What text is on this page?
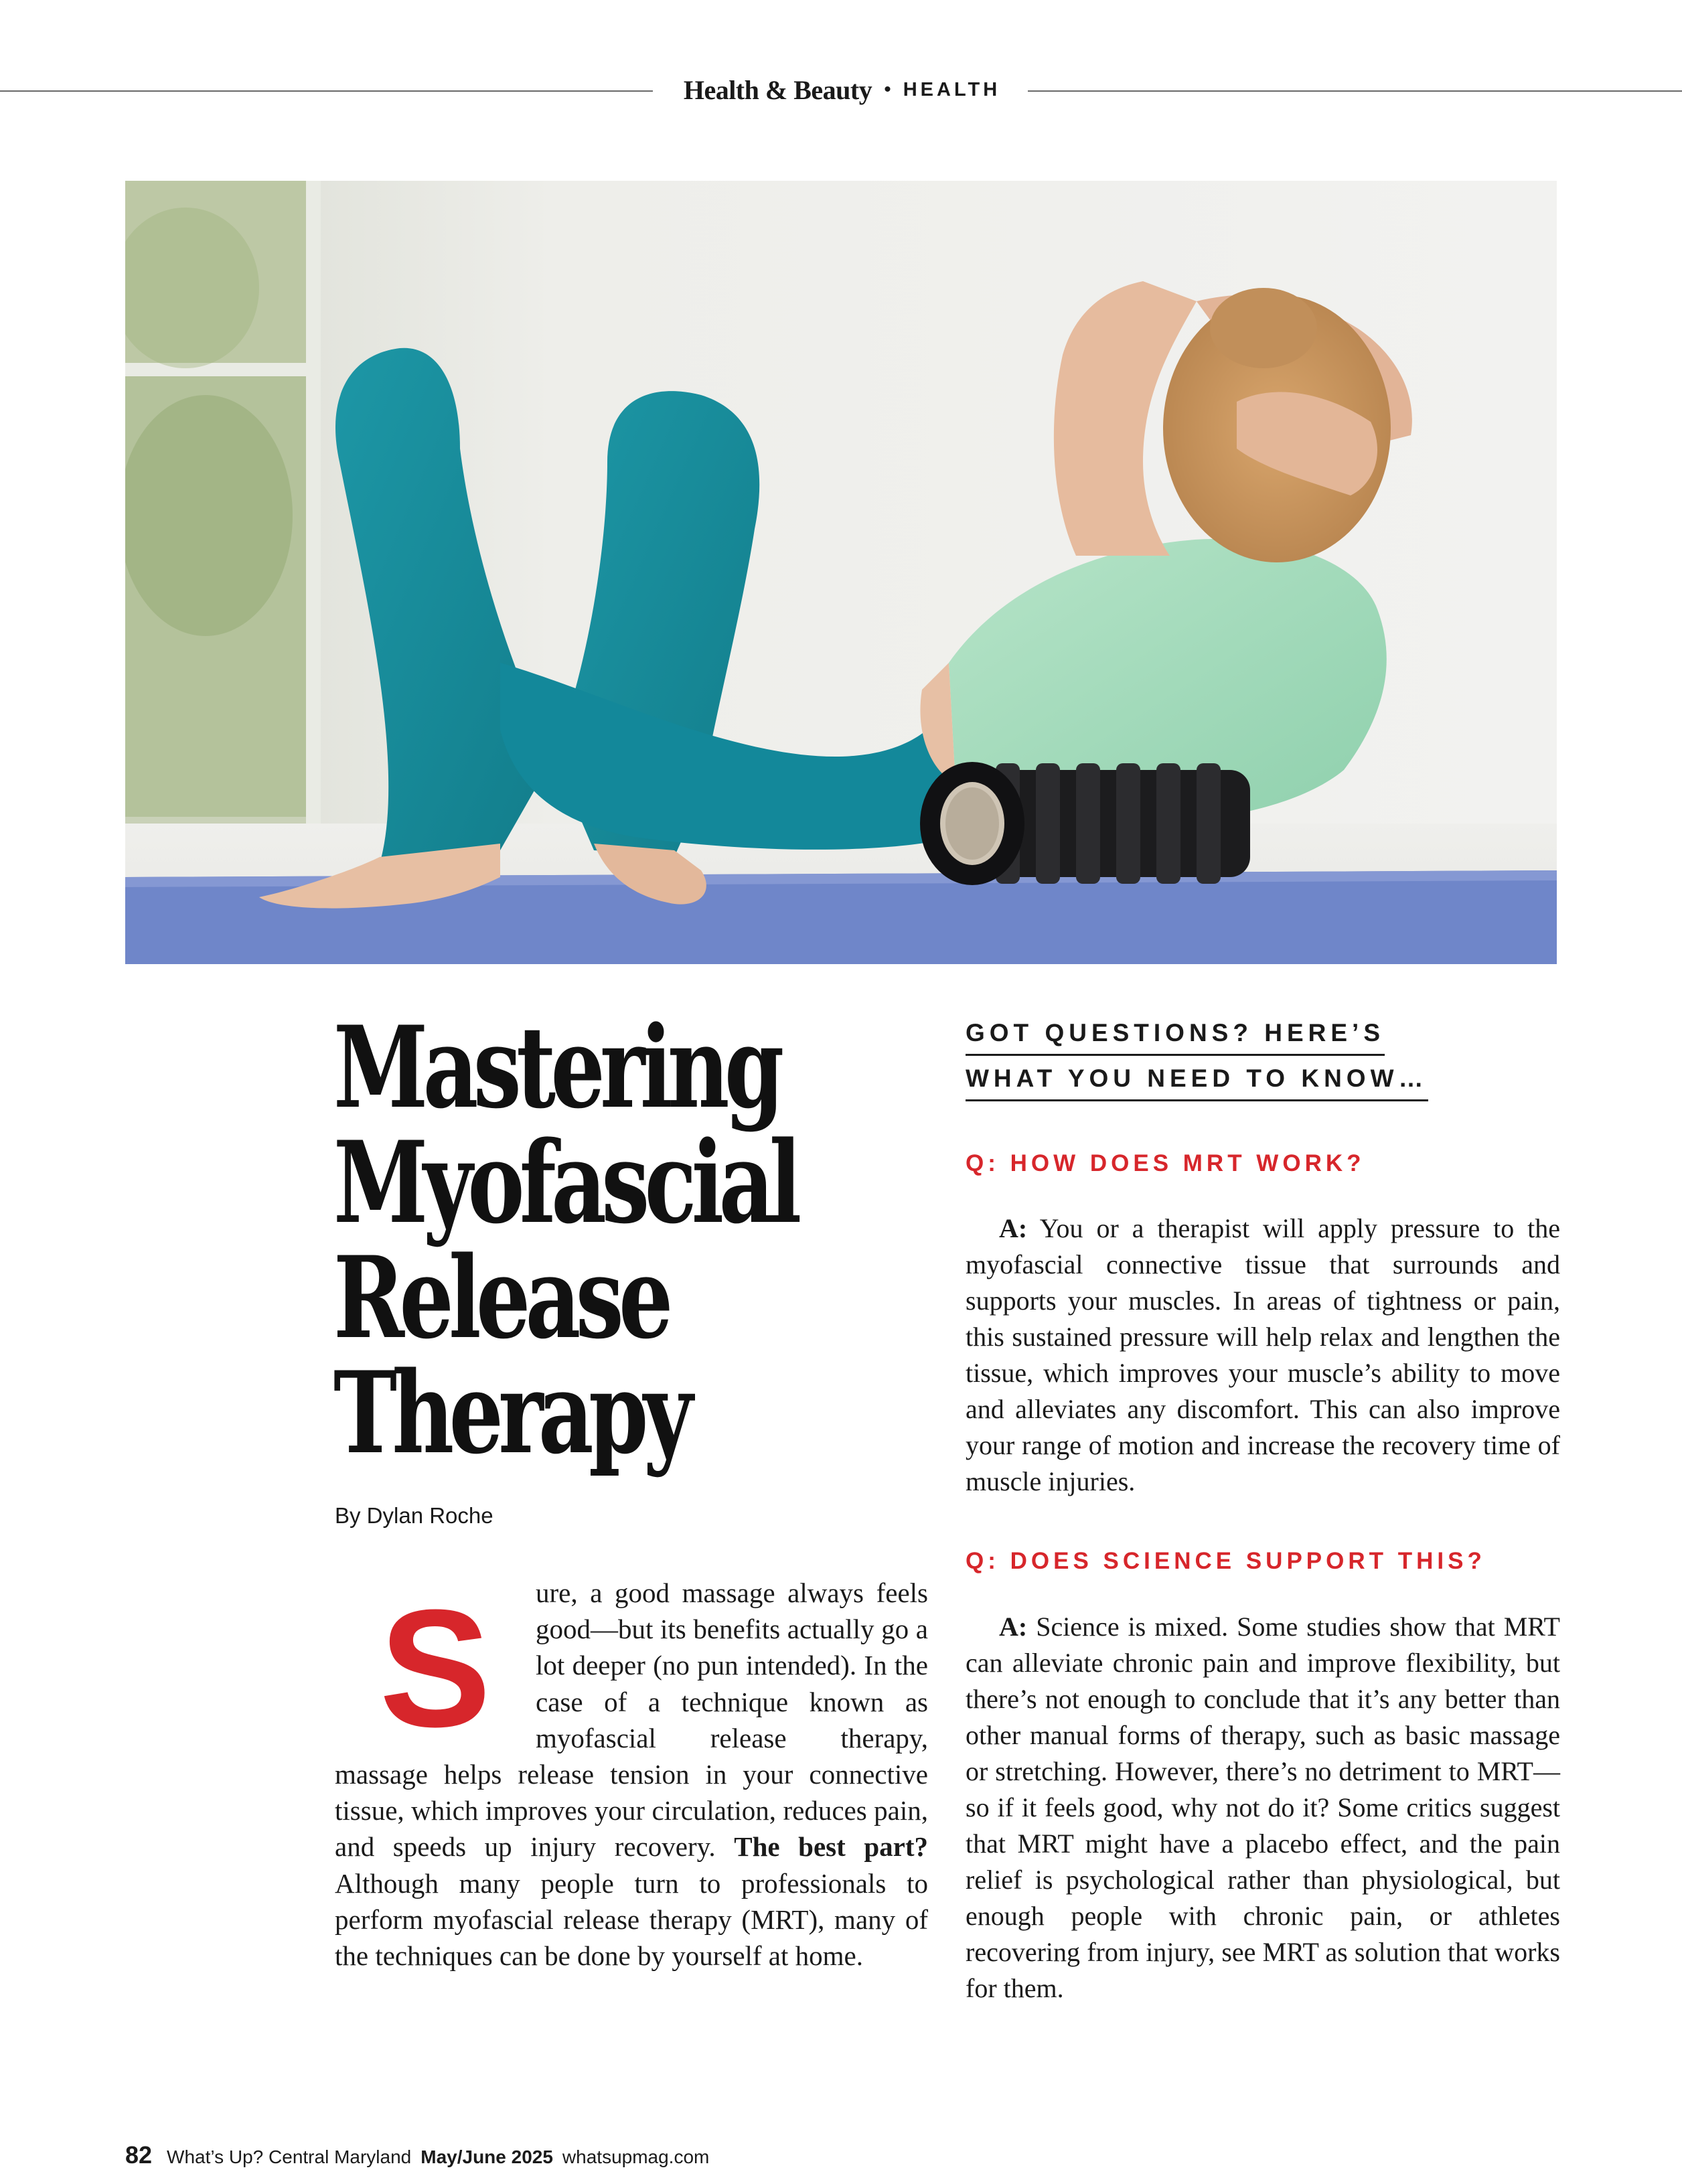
Health & Beauty • HEALTH
Mastering
Myofascial
Release
Therapy
By Dylan Roche
S	ure, a good massage always feels good—but its benefits actually go a lot deeper (no pun intended). In the case of a technique known as myofascial release therapy, massage helps release tension in your connective tissue, which improves your circulation, reduces pain, and speeds up injury recovery. The best part? Although many people turn to professionals to perform myofascial release therapy (MRT), many of the techniques can be done by yourself at home.
GOT QUESTIONS? HERE’S
WHAT YOU NEED TO KNOW…
Q: HOW DOES MRT WORK?

A: You or a therapist will apply pressure to the myofascial connective tissue that surrounds and supports your muscles. In areas of tightness or pain, this sustained pressure will help relax and lengthen the tissue, which improves your muscle’s ability to move and alleviates any discomfort. This can also improve your range of motion and increase the recovery time of muscle injuries.

Q: DOES SCIENCE SUPPORT THIS?

A: Science is mixed. Some studies show that MRT can alleviate chronic pain and improve flexibility, but there’s not enough to conclude that it’s any better than other manual forms of therapy, such as basic massage or stretching. However, there’s no detriment to MRT—so if it feels good, why not do it? Some critics suggest that MRT might have a placebo effect, and the pain relief is psychological rather than physiological, but enough people with chronic pain, or athletes recovering from injury, see MRT as solution that works for them.

82 What’s Up? Central Maryland May/June 2025 whatsupmag.com
